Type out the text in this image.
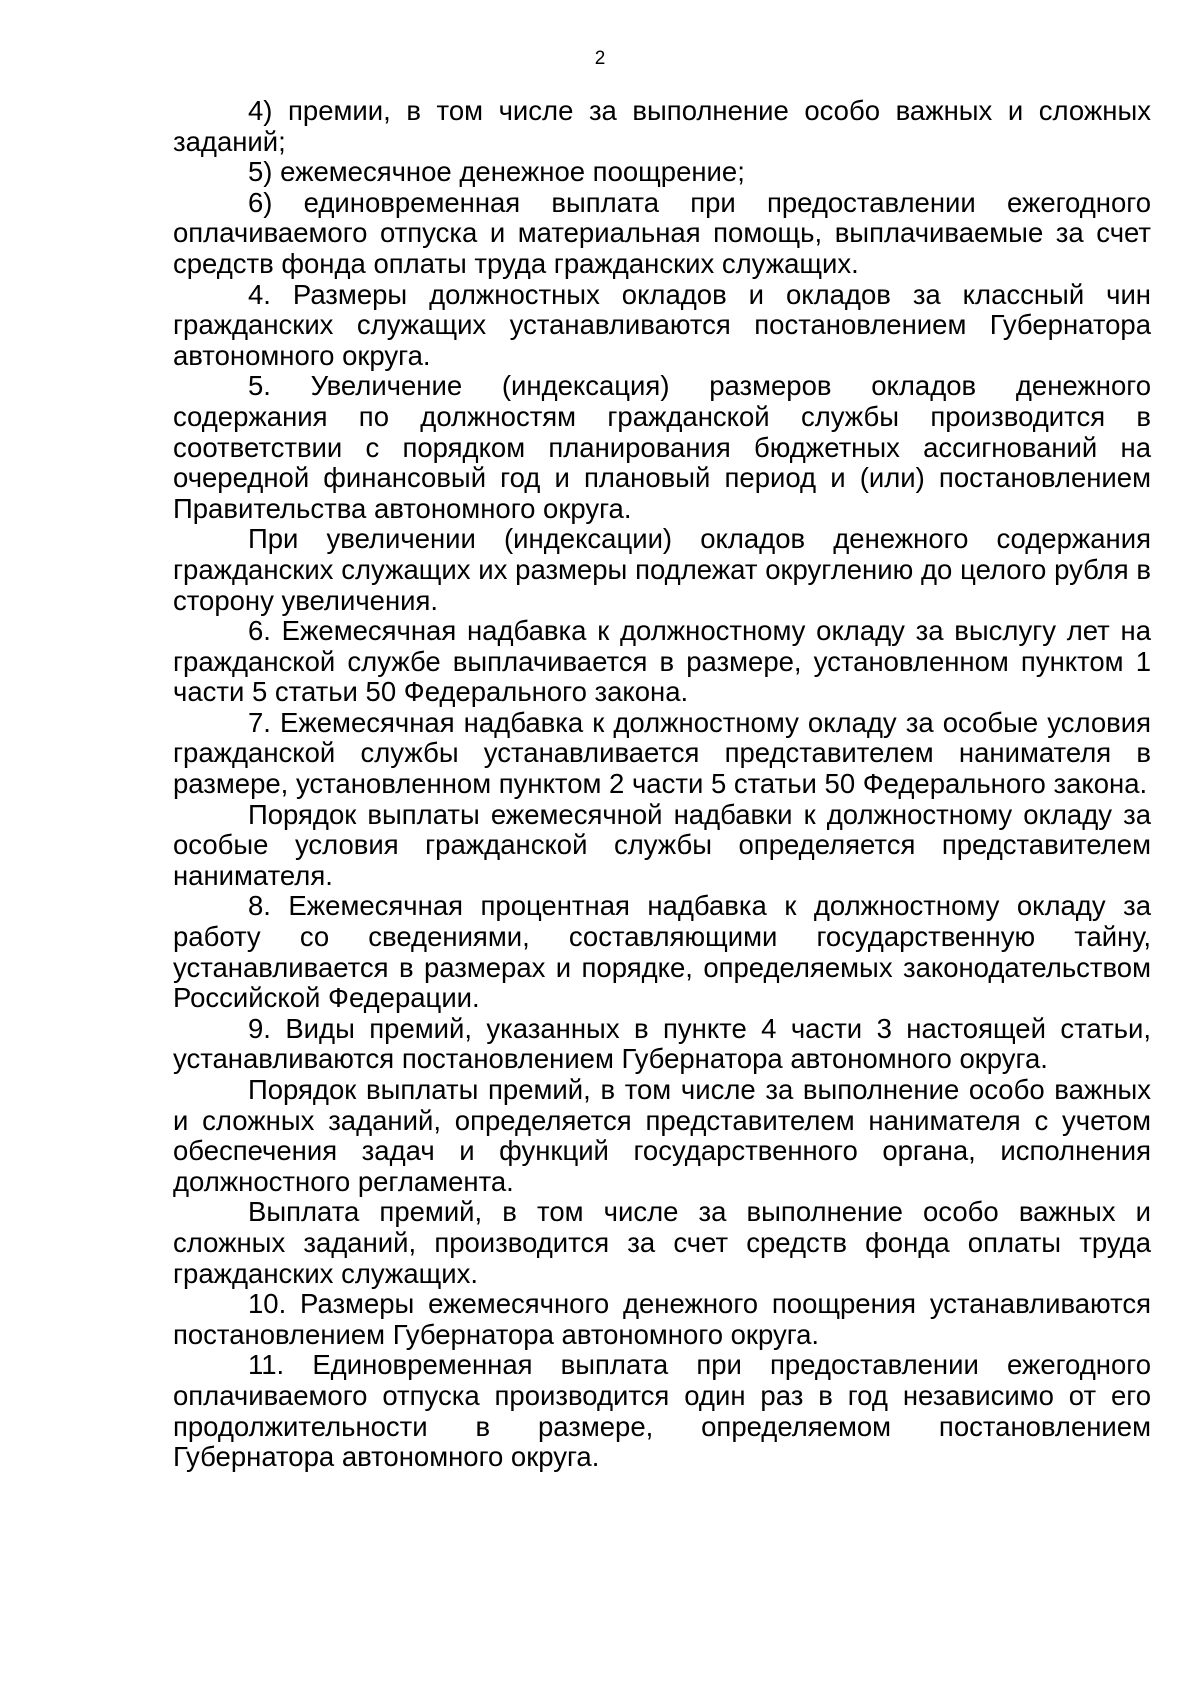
2

4) премии, в том числе за выполнение особо важных и сложных заданий;

5) ежемесячное денежное поощрение;

6) единовременная выплата при предоставлении ежегодного оплачиваемого отпуска и материальная помощь, выплачиваемые за счет средств фонда оплаты труда гражданских служащих.

4. Размеры должностных окладов и окладов за классный чин гражданских служащих устанавливаются постановлением Губернатора автономного округа.

5. Увеличение (индексация) размеров окладов денежного содержания по должностям гражданской службы производится в соответствии с порядком планирования бюджетных ассигнований на очередной финансовый год и плановый период и (или) постановлением Правительства автономного округа.

При увеличении (индексации) окладов денежного содержания гражданских служащих их размеры подлежат округлению до целого рубля в сторону увеличения.

6. Ежемесячная надбавка к должностному окладу за выслугу лет на гражданской службе выплачивается в размере, установленном пунктом 1 части 5 статьи 50 Федерального закона.

7. Ежемесячная надбавка к должностному окладу за особые условия гражданской службы устанавливается представителем нанимателя в размере, установленном пунктом 2 части 5 статьи 50 Федерального закона.

Порядок выплаты ежемесячной надбавки к должностному окладу за особые условия гражданской службы определяется представителем нанимателя.

8. Ежемесячная процентная надбавка к должностному окладу за работу со сведениями, составляющими государственную тайну, устанавливается в размерах и порядке, определяемых законодательством Российской Федерации.

9. Виды премий, указанных в пункте 4 части 3 настоящей статьи, устанавливаются постановлением Губернатора автономного округа.

Порядок выплаты премий, в том числе за выполнение особо важных и сложных заданий, определяется представителем нанимателя с учетом обеспечения задач и функций государственного органа, исполнения должностного регламента.

Выплата премий, в том числе за выполнение особо важных и сложных заданий, производится за счет средств фонда оплаты труда гражданских служащих.

10. Размеры ежемесячного денежного поощрения устанавливаются постановлением Губернатора автономного округа.

11. Единовременная выплата при предоставлении ежегодного оплачиваемого отпуска производится один раз в год независимо от его продолжительности в размере, определяемом постановлением Губернатора автономного округа.
